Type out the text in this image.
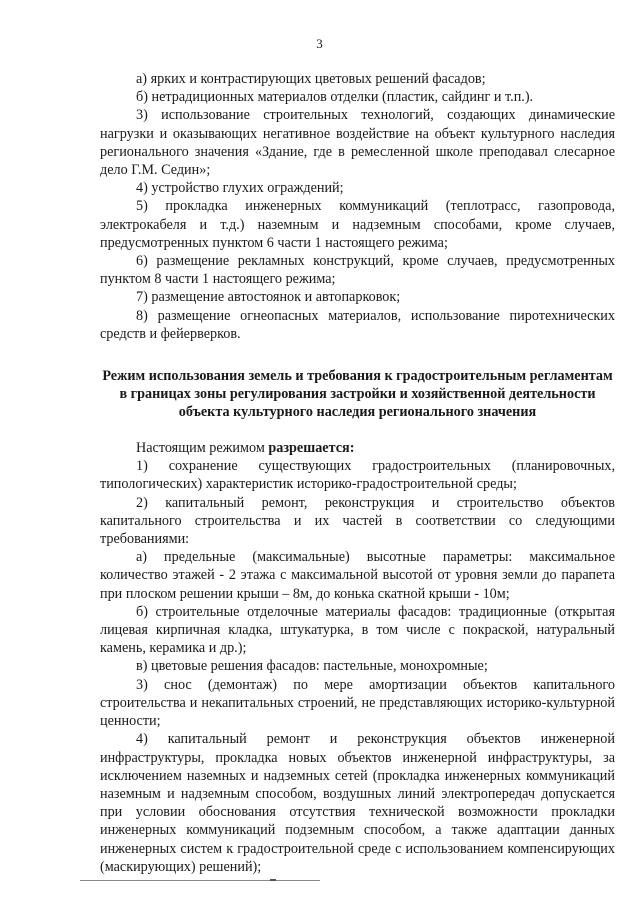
3

а) ярких и контрастирующих цветовых решений фасадов;

б) нетрадиционных материалов отделки (пластик, сайдинг и т.п.).

3) использование строительных технологий, создающих динамические нагрузки и оказывающих негативное воздействие на объект культурного наследия регионального значения «Здание, где в ремесленной школе преподавал слесарное дело Г.М. Седин»;

4) устройство глухих ограждений;

5) прокладка инженерных коммуникаций (теплотрасс, газопровода, электрокабеля и т.д.) наземным и надземным способами, кроме случаев, предусмотренных пунктом 6 части 1 настоящего режима;

6) размещение рекламных конструкций, кроме случаев, предусмотренных пунктом 8 части 1 настоящего режима;

7) размещение автостоянок и автопарковок;

8) размещение огнеопасных материалов, использование пиротехнических средств и фейерверков.

Режим использования земель и требования к градостроительным регламентам в границах зоны регулирования застройки и хозяйственной деятельности объекта культурного наследия регионального значения

Настоящим режимом разрешается:

1) сохранение существующих градостроительных (планировочных, типологических) характеристик историко-градостроительной среды;

2) капитальный ремонт, реконструкция и строительство объектов капитального строительства и их частей в соответствии со следующими требованиями:

а) предельные (максимальные) высотные параметры: максимальное количество этажей - 2 этажа с максимальной высотой от уровня земли до парапета при плоском решении крыши – 8м, до конька скатной крыши - 10м;

б) строительные отделочные материалы фасадов: традиционные (открытая лицевая кирпичная кладка, штукатурка, в том числе с покраской, натуральный камень, керамика и др.);

в) цветовые решения фасадов: пастельные, монохромные;

3) снос (демонтаж) по мере амортизации объектов капитального строительства и некапитальных строений, не представляющих историко-культурной ценности;

4) капитальный ремонт и реконструкция объектов инженерной инфраструктуры, прокладка новых объектов инженерной инфраструктуры, за исключением наземных и надземных сетей (прокладка инженерных коммуникаций наземным и надземным способом, воздушных линий электропередач допускается при условии обоснования отсутствия технической возможности прокладки инженерных коммуникаций подземным способом, а также адаптации данных инженерных систем к градостроительной среде с использованием компенсирующих (маскирующих) решений);
